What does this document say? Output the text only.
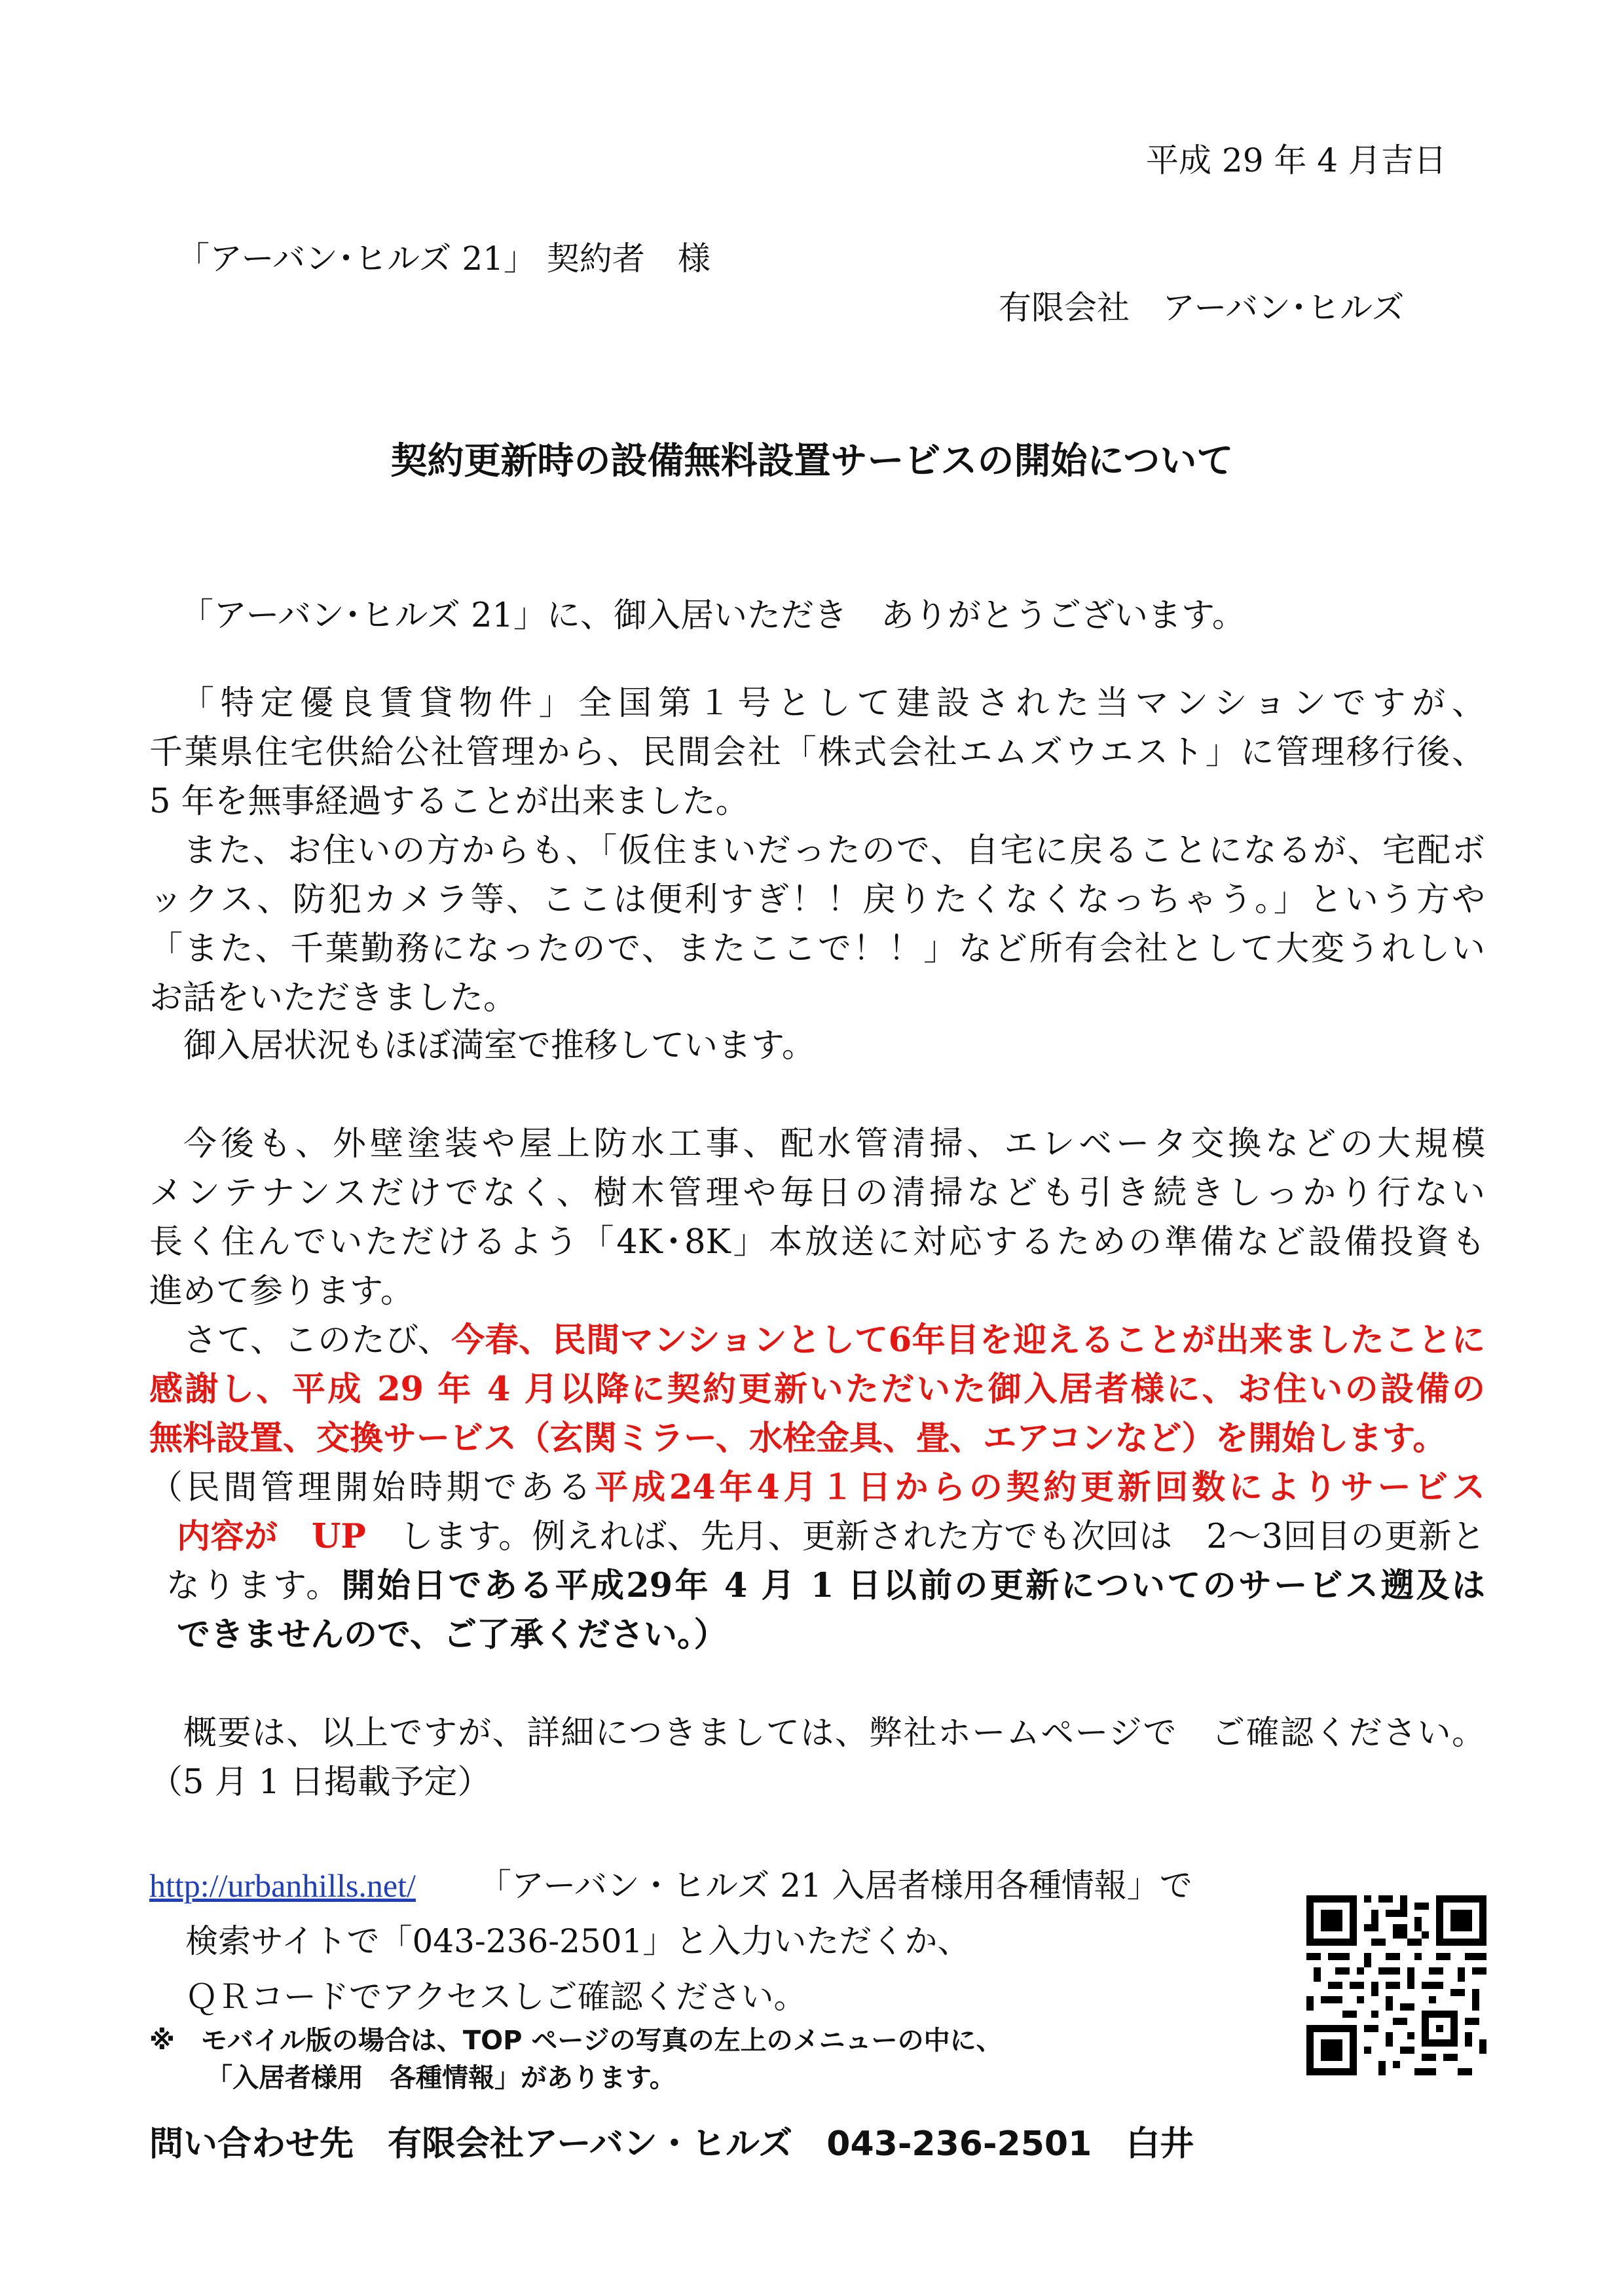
平成 29 年 4 月吉日
「アーバン･ヒルズ 21」 契約者　様
有限会社　アーバン･ヒルズ
契約更新時の設備無料設置サービスの開始について
「アーバン･ヒルズ 21」に、御入居いただき　ありがとうございます。
「特定優良賃貸物件」全国第１号として建設された当マンションですが、
千葉県住宅供給公社管理から、民間会社「株式会社エムズウエスト」に管理移行後、
5 年を無事経過することが出来ました。
また、お住いの方からも、「仮住まいだったので、自宅に戻ることになるが、宅配ボ
ックス、防犯カメラ等、ここは便利すぎ！！戻りたくなくなっちゃう。」という方や
「また、千葉勤務になったので、またここで！！」など所有会社として大変うれしい
お話をいただきました。
御入居状況もほぼ満室で推移しています。
今後も、外壁塗装や屋上防水工事、配水管清掃、エレベータ交換などの大規模
メンテナンスだけでなく、樹木管理や毎日の清掃なども引き続きしっかり行ない
長く住んでいただけるよう「4K･8K」本放送に対応するための準備など設備投資も
進めて参ります。
さて、このたび、今春、民間マンションとして6年目を迎えることが出来ましたことに
感謝し、平成 29 年 4 月以降に契約更新いただいた御入居者様に、お住いの設備の
無料設置、交換サービス（玄関ミラー、水栓金具、畳、エアコンなど）を開始します。
（民間管理開始時期である平成24年4月１日からの契約更新回数によりサービス
内容が　UP　します。例えれば、先月、更新された方でも次回は　2～3回目の更新と
なります。開始日である平成29年 4 月 1 日以前の更新についてのサービス遡及は
できませんので、ご了承ください。）
概要は、以上ですが、詳細につきましては、弊社ホームページで　ご確認ください。
（5 月 1 日掲載予定）
http://urbanhills.net/ 「アーバン・ヒルズ 21 入居者様用各種情報」で
検索サイトで「043-236-2501」と入力いただくか、
ＱＲコードでアクセスしご確認ください。
※　モバイル版の場合は、TOP ページの写真の左上のメニューの中に、
「入居者様用　各種情報」があります。
問い合わせ先　有限会社アーバン・ヒルズ　043-236-2501　白井
